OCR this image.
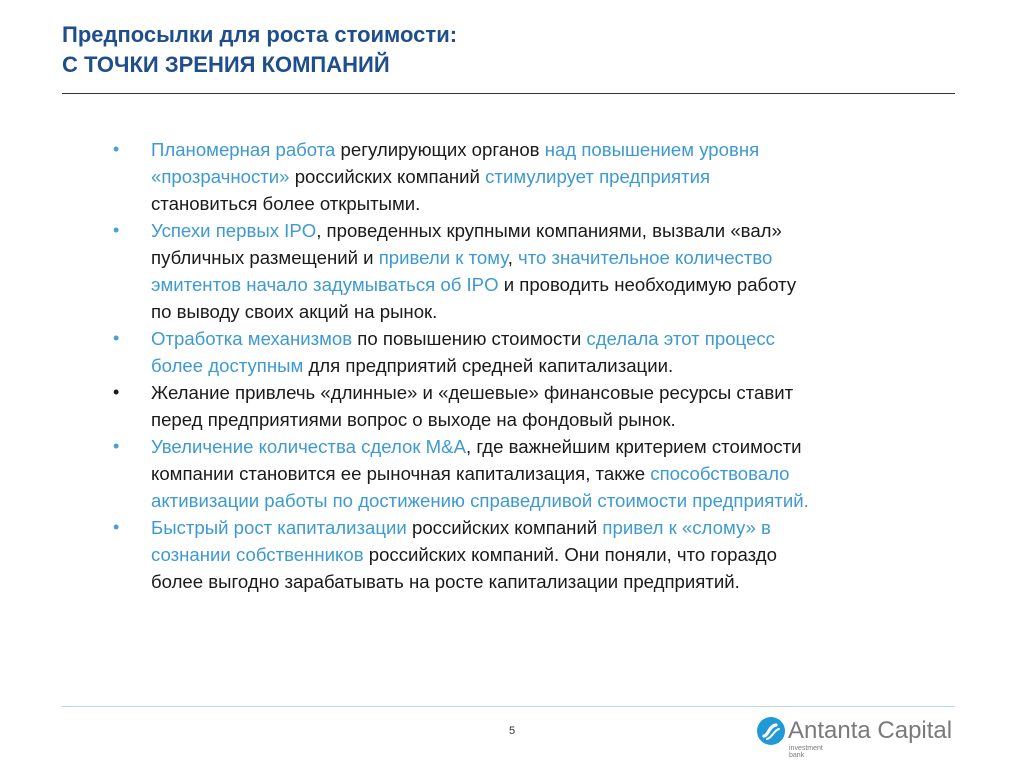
Предпосылки для роста стоимости:
С ТОЧКИ ЗРЕНИЯ КОМПАНИЙ
•	Планомерная работа регулирующих органов над повышением уровня
«прозрачности» российских компаний стимулирует предприятия
становиться более открытыми.
•	Успехи первых IPO, проведенных крупными компаниями, вызвали «вал»
публичных размещений и привели к тому, что значительное количество
эмитентов начало задумываться об IPO и проводить необходимую работу
по выводу своих акций на рынок.
•	Отработка механизмов по повышению стоимости сделала этот процесс
более доступным для предприятий средней капитализации.
•	Желание привлечь «длинные» и «дешевые» финансовые ресурсы ставит
перед предприятиями вопрос о выходе на фондовый рынок.
•	Увеличение количества сделок M&A, где важнейшим критерием стоимости
компании становится ее рыночная капитализация, также способствовало
активизации работы по достижению справедливой стоимости предприятий.
•	Быстрый рост капитализации российских компаний привел к «слому» в
сознании собственников российских компаний. Они поняли, что гораздо
более выгодно зарабатывать на росте капитализации предприятий.
5	Antanta Capital
investment
bank
